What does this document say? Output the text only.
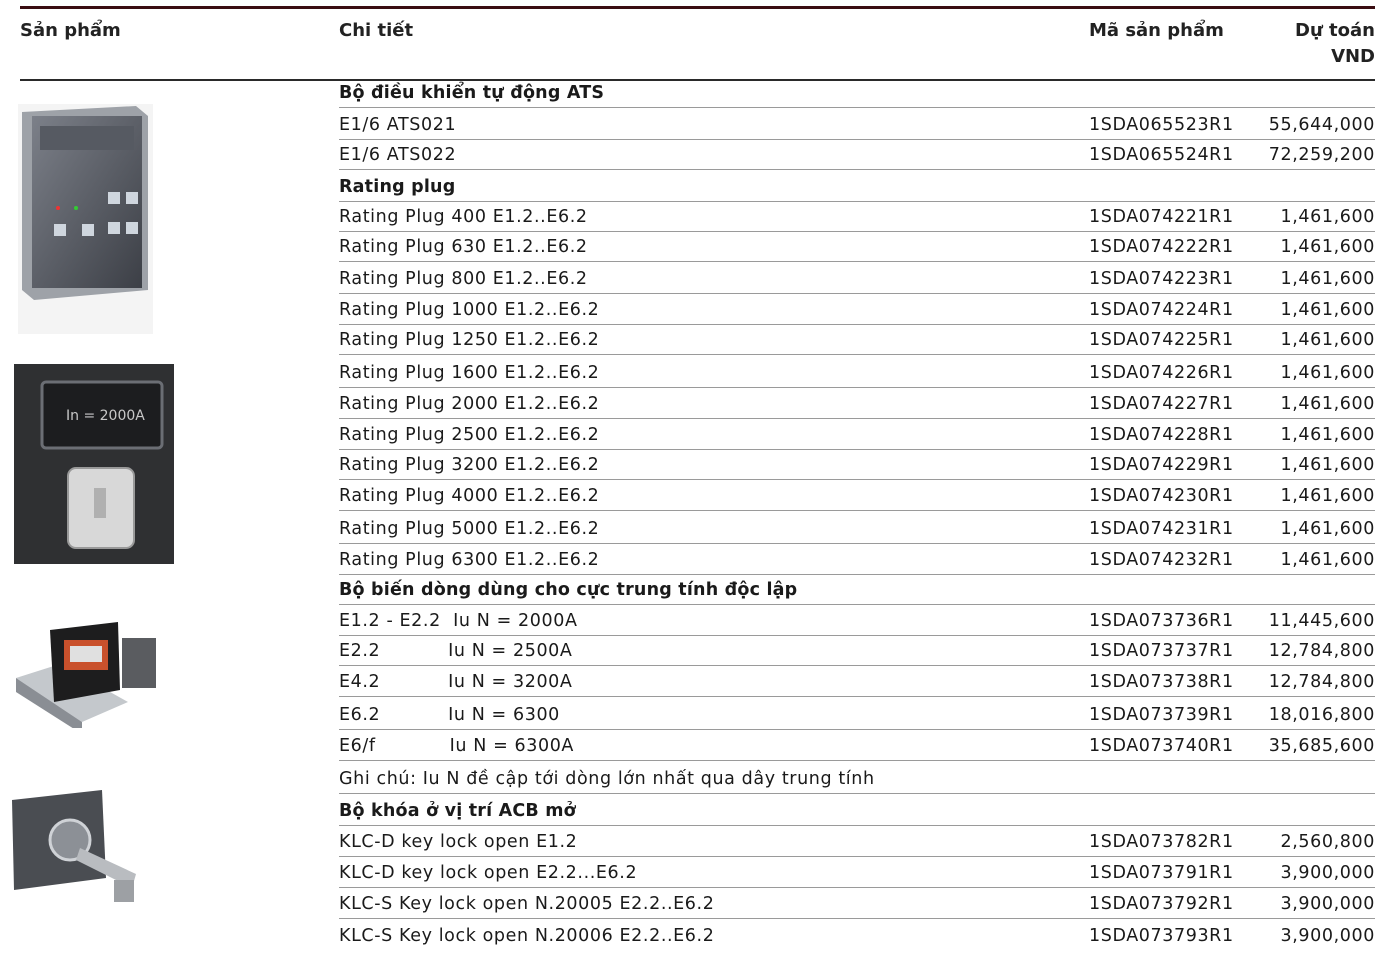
Sản phẩm	Chi tiết	Mã sản phẩm	Dự toán
VND
In = 2000A
Bộ điều khiển tự động ATS
E1/6 ATS021	1SDA065523R1 55,644,000
E1/6 ATS022	1SDA065524R1 72,259,200
Rating plug
Rating Plug 400 E1.2..E6.2	1SDA074221R1	1,461,600
Rating Plug 630 E1.2..E6.2	1SDA074222R1	1,461,600
Rating Plug 800 E1.2..E6.2	1SDA074223R1	1,461,600
Rating Plug 1000 E1.2..E6.2	1SDA074224R1	1,461,600
Rating Plug 1250 E1.2..E6.2	1SDA074225R1	1,461,600
Rating Plug 1600 E1.2..E6.2	1SDA074226R1	1,461,600
Rating Plug 2000 E1.2..E6.2	1SDA074227R1	1,461,600
Rating Plug 2500 E1.2..E6.2	1SDA074228R1	1,461,600
Rating Plug 3200 E1.2..E6.2	1SDA074229R1	1,461,600
Rating Plug 4000 E1.2..E6.2	1SDA074230R1	1,461,600
Rating Plug 5000 E1.2..E6.2	1SDA074231R1	1,461,600
Rating Plug 6300 E1.2..E6.2	1SDA074232R1	1,461,600
Bộ biến dòng dùng cho cực trung tính độc lập
E1.2 - E2.2  Iu N = 2000A	1SDA073736R1 11,445,600
E2.2           Iu N = 2500A	1SDA073737R1 12,784,800
E4.2           Iu N = 3200A	1SDA073738R1 12,784,800
E6.2           Iu N = 6300	1SDA073739R1 18,016,800
E6/f            Iu N = 6300A	1SDA073740R1 35,685,600
Ghi chú: Iu N đề cập tới dòng lớn nhất qua dây trung tính
Bộ khóa ở vị trí ACB mở
KLC-D key lock open E1.2	1SDA073782R1	2,560,800
KLC-D key lock open E2.2...E6.2	1SDA073791R1	3,900,000
KLC-S Key lock open N.20005 E2.2..E6.2	1SDA073792R1	3,900,000
KLC-S Key lock open N.20006 E2.2..E6.2	1SDA073793R1	3,900,000
